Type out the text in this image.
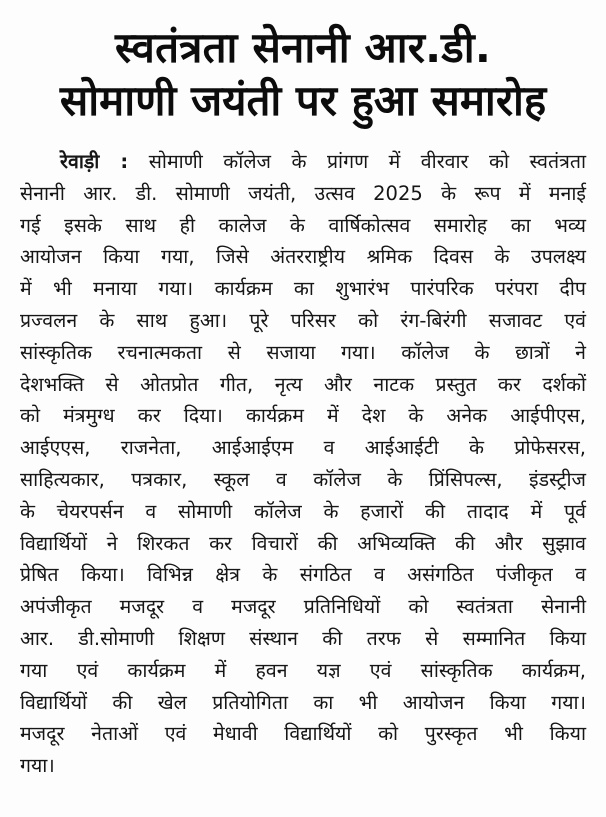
स्वतंत्रता सेनानी आर.डी.
सोमाणी जयंती पर हुआ समारोह
रेवाड़ी : सोमाणी कॉलेज के प्रांगण में वीरवार को स्वतंत्रता
सेनानी आर. डी. सोमाणी जयंती, उत्सव 2025 के रूप में मनाई
गई इसके साथ ही कालेज के वार्षिकोत्सव समारोह का भव्य
आयोजन किया गया, जिसे अंतरराष्ट्रीय श्रमिक दिवस के उपलक्ष्य
में भी मनाया गया। कार्यक्रम का शुभारंभ पारंपरिक परंपरा दीप
प्रज्वलन के साथ हुआ। पूरे परिसर को रंग-बिरंगी सजावट एवं
सांस्कृतिक रचनात्मकता से सजाया गया। कॉलेज के छात्रों ने
देशभक्ति से ओतप्रोत गीत, नृत्य और नाटक प्रस्तुत कर दर्शकों
को मंत्रमुग्ध कर दिया। कार्यक्रम में देश के अनेक आईपीएस,
आईएएस, राजनेता, आईआईएम व आईआईटी के प्रोफेसरस,
साहित्यकार, पत्रकार, स्कूल व कॉलेज के प्रिंसिपल्स, इंडस्ट्रीज
के चेयरपर्सन व सोमाणी कॉलेज के हजारों की तादाद में पूर्व
विद्यार्थियों ने शिरकत कर विचारों की अभिव्यक्ति की और सुझाव
प्रेषित किया। विभिन्न क्षेत्र के संगठित व असंगठित पंजीकृत व
अपंजीकृत मजदूर व मजदूर प्रतिनिधियों को स्वतंत्रता सेनानी
आर. डी.सोमाणी शिक्षण संस्थान की तरफ से सम्मानित किया
गया एवं कार्यक्रम में हवन यज्ञ एवं सांस्कृतिक कार्यक्रम,
विद्यार्थियों की खेल प्रतियोगिता का भी आयोजन किया गया।
मजदूर नेताओं एवं मेधावी विद्यार्थियों को पुरस्कृत भी किया
गया।
